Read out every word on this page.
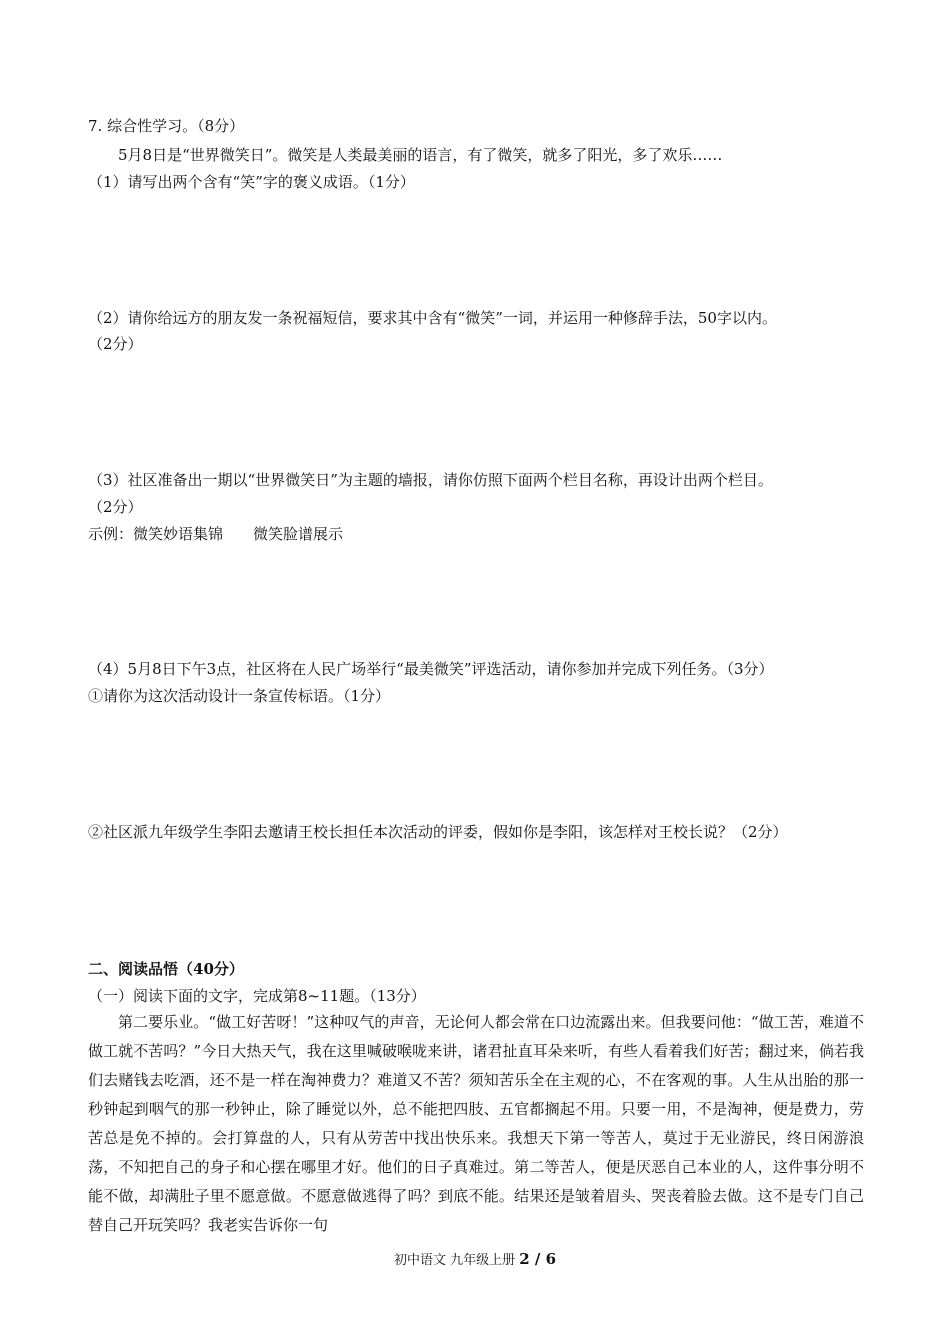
7. 综合性学习。（8分）
5月8日是“世界微笑日”。微笑是人类最美丽的语言，有了微笑，就多了阳光，多了欢乐……
（1）请写出两个含有“笑”字的褒义成语。（1分）
（2）请你给远方的朋友发一条祝福短信，要求其中含有“微笑”一词，并运用一种修辞手法，50字以内。
（2分）
（3）社区准备出一期以“世界微笑日”为主题的墙报，请你仿照下面两个栏目名称，再设计出两个栏目。
（2分）
示例：微笑妙语集锦 微笑脸谱展示
（4）5月8日下午3点，社区将在人民广场举行“最美微笑”评选活动，请你参加并完成下列任务。（3分）
①请你为这次活动设计一条宣传标语。（1分）
②社区派九年级学生李阳去邀请王校长担任本次活动的评委，假如你是李阳，该怎样对王校长说？（2分）
二、阅读品悟（40分）
（一）阅读下面的文字，完成第8~11题。（13分）

第二要乐业。“做工好苦呀！”这种叹气的声音，无论何人都会常在口边流露出来。但我要问他：“做工苦，难道不做工就不苦吗？”今日大热天气，我在这里喊破喉咙来讲，诸君扯直耳朵来听，有些人看着我们好苦；翻过来，倘若我们去赌钱去吃酒，还不是一样在淘神费力？难道又不苦？须知苦乐全在主观的心，不在客观的事。人生从出胎的那一秒钟起到咽气的那一秒钟止，除了睡觉以外，总不能把四肢、五官都搁起不用。只要一用，不是淘神，便是费力，劳苦总是免不掉的。会打算盘的人，只有从劳苦中找出快乐来。我想天下第一等苦人，莫过于无业游民，终日闲游浪荡，不知把自己的身子和心摆在哪里才好。他们的日子真难过。第二等苦人，便是厌恶自己本业的人，这件事分明不能不做，却满肚子里不愿意做。不愿意做逃得了吗？到底不能。结果还是皱着眉头、哭丧着脸去做。这不是专门自己替自己开玩笑吗？我老实告诉你一句

初中语文 九年级上册 2 / 6
